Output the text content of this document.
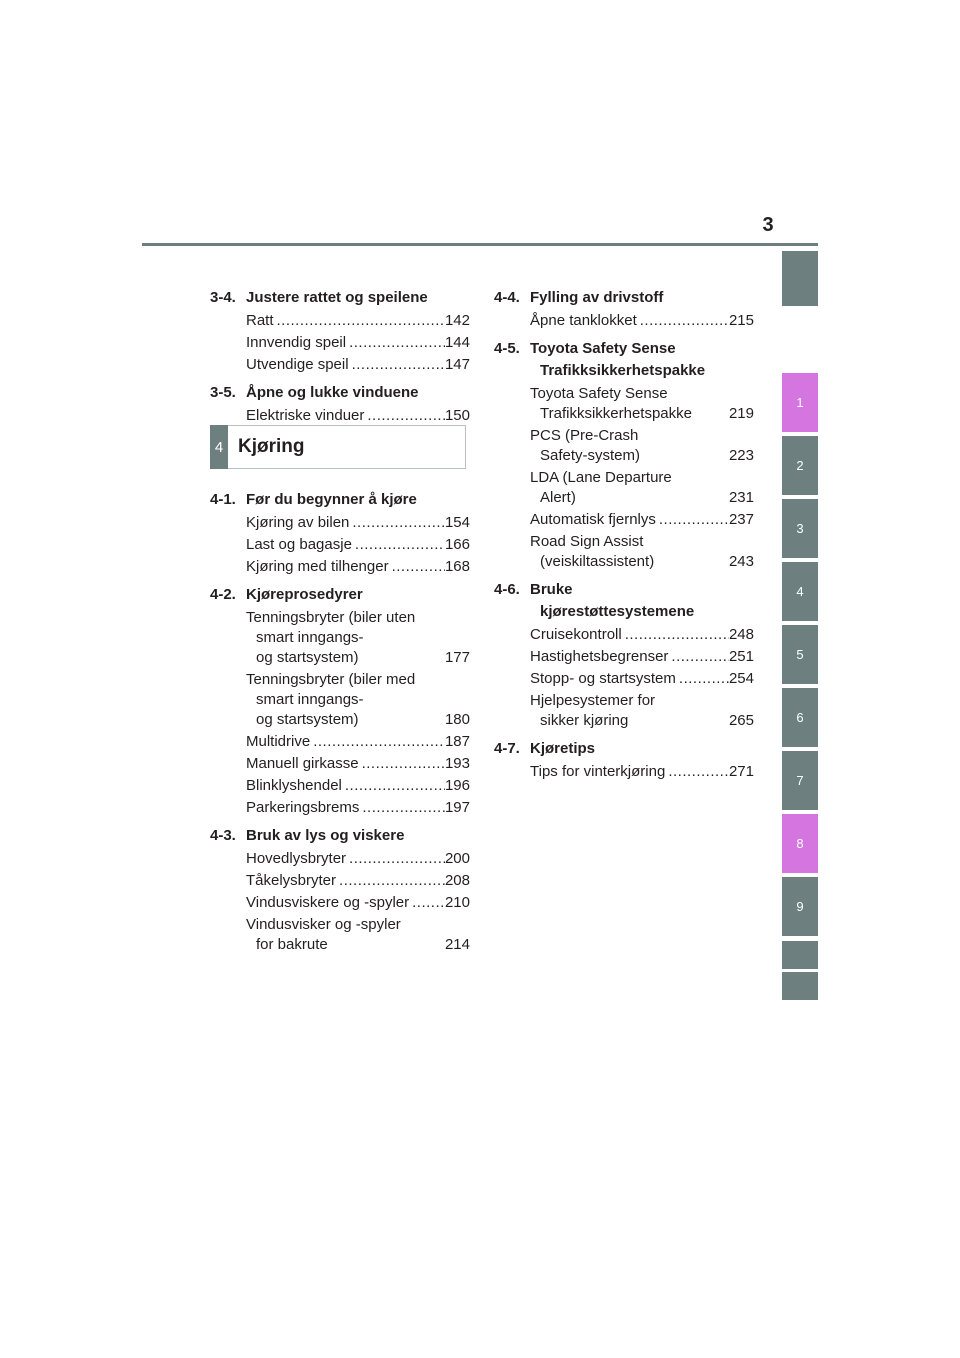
3
3-4. Justere rattet og speilene
Ratt .....	142
Innvendig speil .....	144
Utvendige speil .....	147
3-5. Åpne og lukke vinduene
Elektriske vinduer .....	150
4 Kjøring
4-1. Før du begynner å kjøre
Kjøring av bilen .....	154
Last og bagasje .....	166
Kjøring med tilhenger .....	168
4-2. Kjøreprosedyrer
Tenningsbryter (biler uten
smart inngangs-
og startsystem)	177
Tenningsbryter (biler med
smart inngangs-
og startsystem)	180
Multidrive .....	187
Manuell girkasse .....	193
Blinklyshendel .....	196
Parkeringsbrems .....	197
4-3. Bruk av lys og viskere
Hovedlysbryter .....	200
Tåkelysbryter .....	208
Vindusviskere og -spyler ..... 210
Vindusvisker og -spyler
for bakrute	214
4-4. Fylling av drivstoff
Åpne tanklokket .....	215
4-5. Toyota Safety Sense
Trafikksikkerhetspakke
Toyota Safety Sense
Trafikksikkerhetspakke 219
PCS (Pre-Crash
Safety-system)	223
LDA (Lane Departure
Alert)	231
Automatisk fjernlys .....	237
Road Sign Assist
(veiskiltassistent)	243
4-6. Bruke
kjørestøttesystemene
Cruisekontroll .....	248
Hastighetsbegrenser .....	251
Stopp- og startsystem .....	254
Hjelpesystemer for
sikker kjøring	265
4-7. Kjøretips
Tips for vinterkjøring .....	271
1
2
3
4
5
6
7
8
9
